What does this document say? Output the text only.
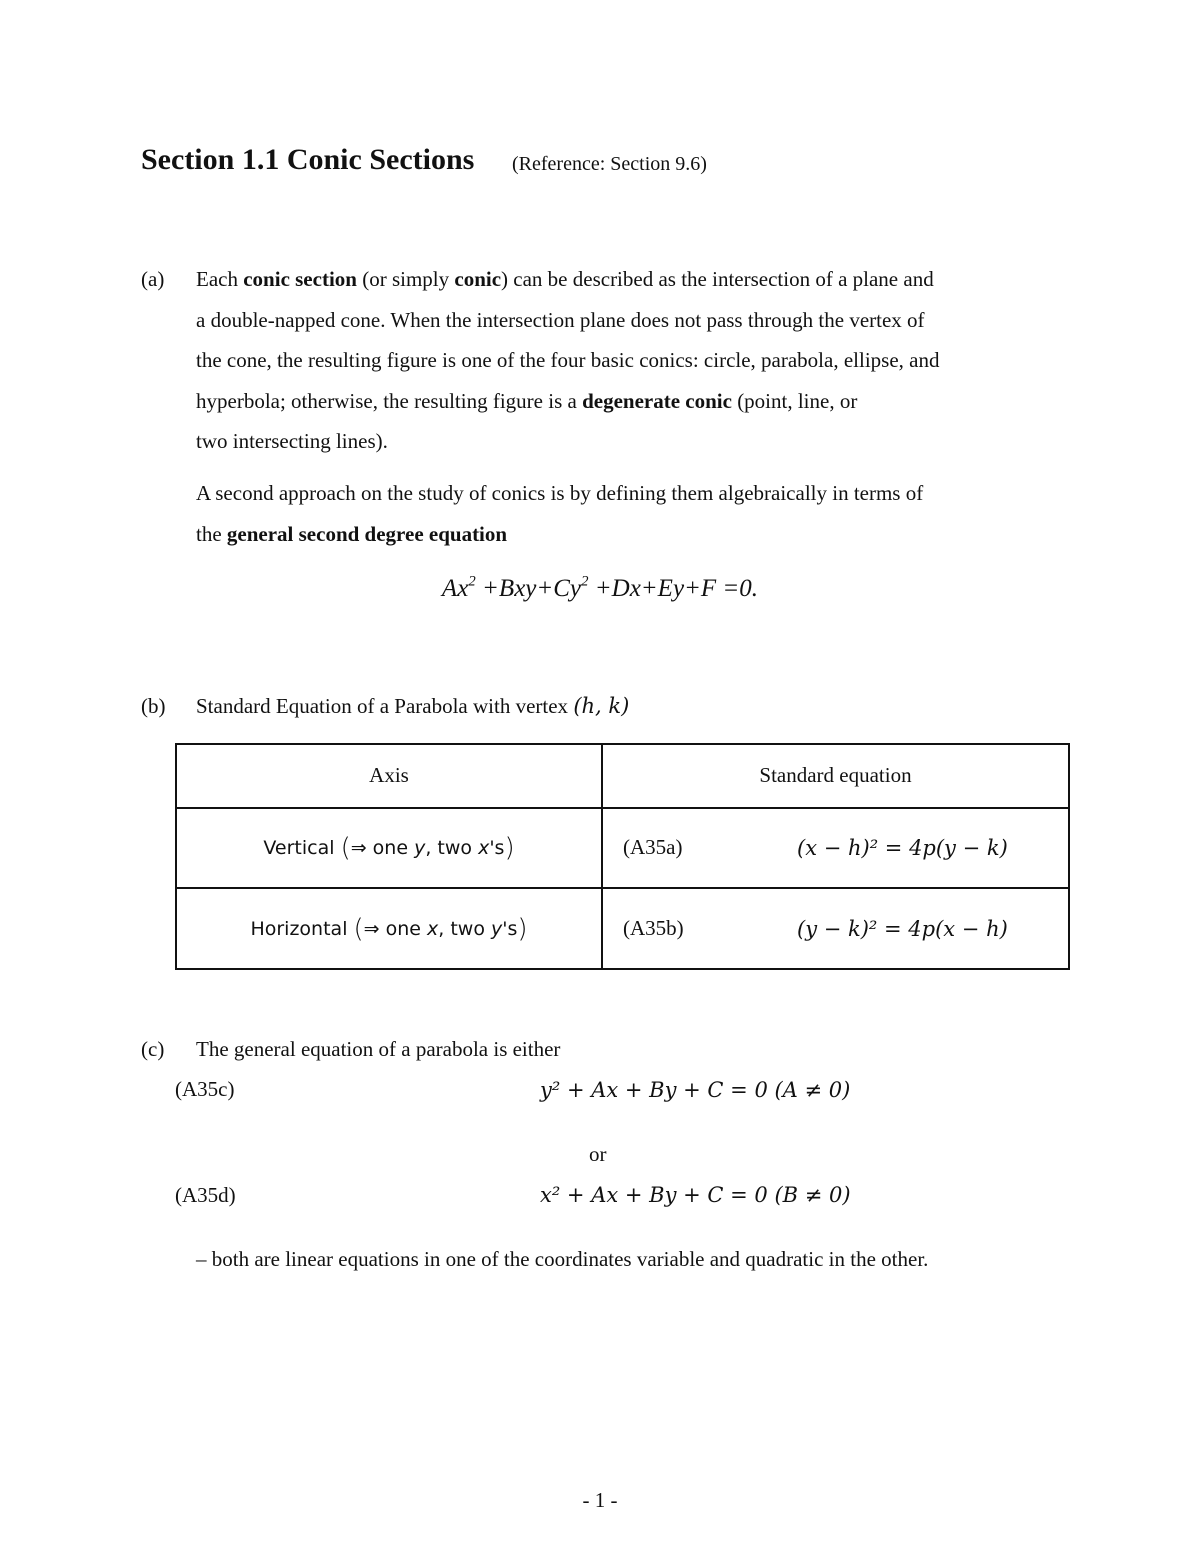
Section 1.1 Conic Sections (Reference: Section 9.6)
(a) Each conic section (or simply conic) can be described as the intersection of a plane and
a double-napped cone. When the intersection plane does not pass through the vertex of
the cone, the resulting figure is one of the four basic conics: circle, parabola, ellipse, and
hyperbola; otherwise, the resulting figure is a degenerate conic (point, line, or
two intersecting lines).
A second approach on the study of conics is by defining them algebraically in terms of
the general second degree equation
$Ax^2 +Bxy+Cy^2 +Dx+Ey+F =0$.
(b) Standard Equation of a Parabola with vertex (h, k)
Axis	Standard equation
Vertical (⇒ one y, two x's)	(A35a) (x − h)² = 4p(y − k)

Horizontal (⇒ one x, two y's)	(A35b) (y − k)² = 4p(x − h)
(c) The general equation of a parabola is either
(A35c)	y² + Ax + By + C = 0 (A ≠ 0)
or
(A35d)	x² + Ax + By + C = 0 (B ≠ 0)
– both are linear equations in one of the coordinates variable and quadratic in the other.
- 1 -
